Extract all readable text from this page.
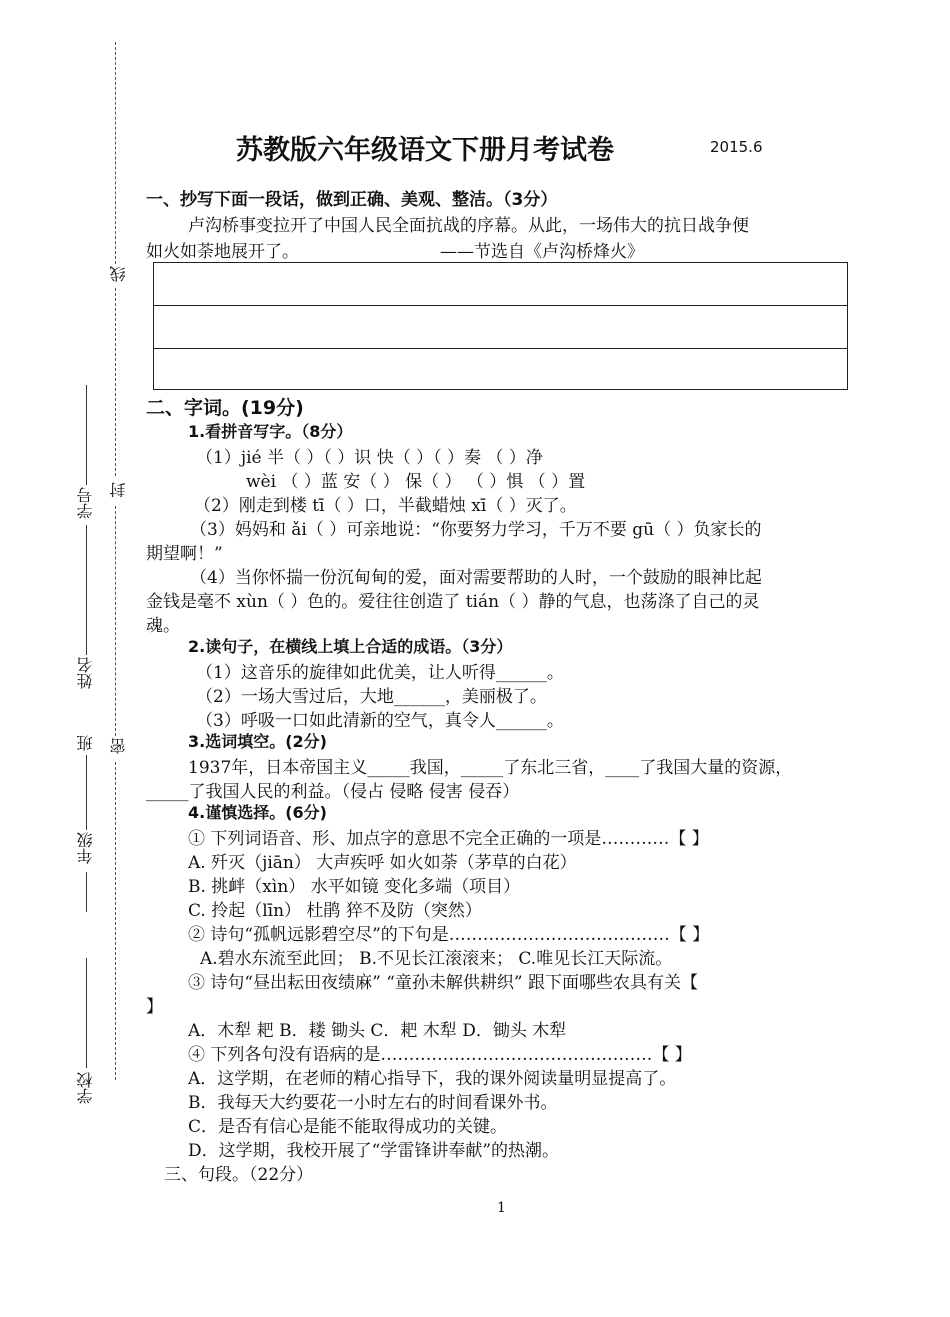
线
封
密
学号
姓名
班
年级
学校
苏教版六年级语文下册月考试卷	2015.6
一、抄写下面一段话，做到正确、美观、整洁。（3分）
卢沟桥事变拉开了中国人民全面抗战的序幕。从此，一场伟大的抗日战争便
如火如荼地展开了。	——节选自《卢沟桥烽火》
二、字词。(19分)
1.看拼音写字。（8分）
（1）jié 半（ ）（ ）识 快（ ）（ ）奏 （ ）净
wèi （ ）蓝 安（ ） 保（ ） （ ）惧 （ ）置
（2）刚走到楼 tī（ ）口，半截蜡烛 xī（ ）灭了。
（3）妈妈和 ǎi（ ）可亲地说：“你要努力学习，千万不要 gū（ ）负家长的
期望啊！”
（4）当你怀揣一份沉甸甸的爱，面对需要帮助的人时，一个鼓励的眼神比起
金钱是毫不 xùn（ ）色的。爱往往创造了 tián（ ）静的气息，也荡涤了自己的灵
魂。
2.读句子，在横线上填上合适的成语。（3分）
（1）这音乐的旋律如此优美，让人听得______。
（2）一场大雪过后，大地______，美丽极了。
（3）呼吸一口如此清新的空气，真令人______。
3.选词填空。(2分)
1937年，日本帝国主义_____我国，_____了东北三省，____了我国大量的资源，
_____了我国人民的利益。（侵占 侵略 侵害 侵吞）
4.谨慎选择。(6分)
① 下列词语音、形、加点字的意思不完全正确的一项是…………【 】
A. 歼灭（jiān） 大声疾呼 如火如荼（茅草的白花）
B. 挑衅（xìn） 水平如镜 变化多端（项目）
C. 拎起（līn） 杜鹃 猝不及防（突然）
② 诗句“孤帆远影碧空尽”的下句是…………………………………【 】
A.碧水东流至此回； B.不见长江滚滚来； C.唯见长江天际流。
③ 诗句“昼出耘田夜绩麻” “童孙未解供耕织” 跟下面哪些农具有关【
】
A．木犁 耙 B．耧 锄头 C．耙 木犁 D．锄头 木犁
④ 下列各句没有语病的是…………………………………………【 】
A．这学期，在老师的精心指导下，我的课外阅读量明显提高了。
B．我每天大约要花一小时左右的时间看课外书。
C．是否有信心是能不能取得成功的关键。
D．这学期，我校开展了“学雷锋讲奉献”的热潮。
三、句段。（22分）
1
